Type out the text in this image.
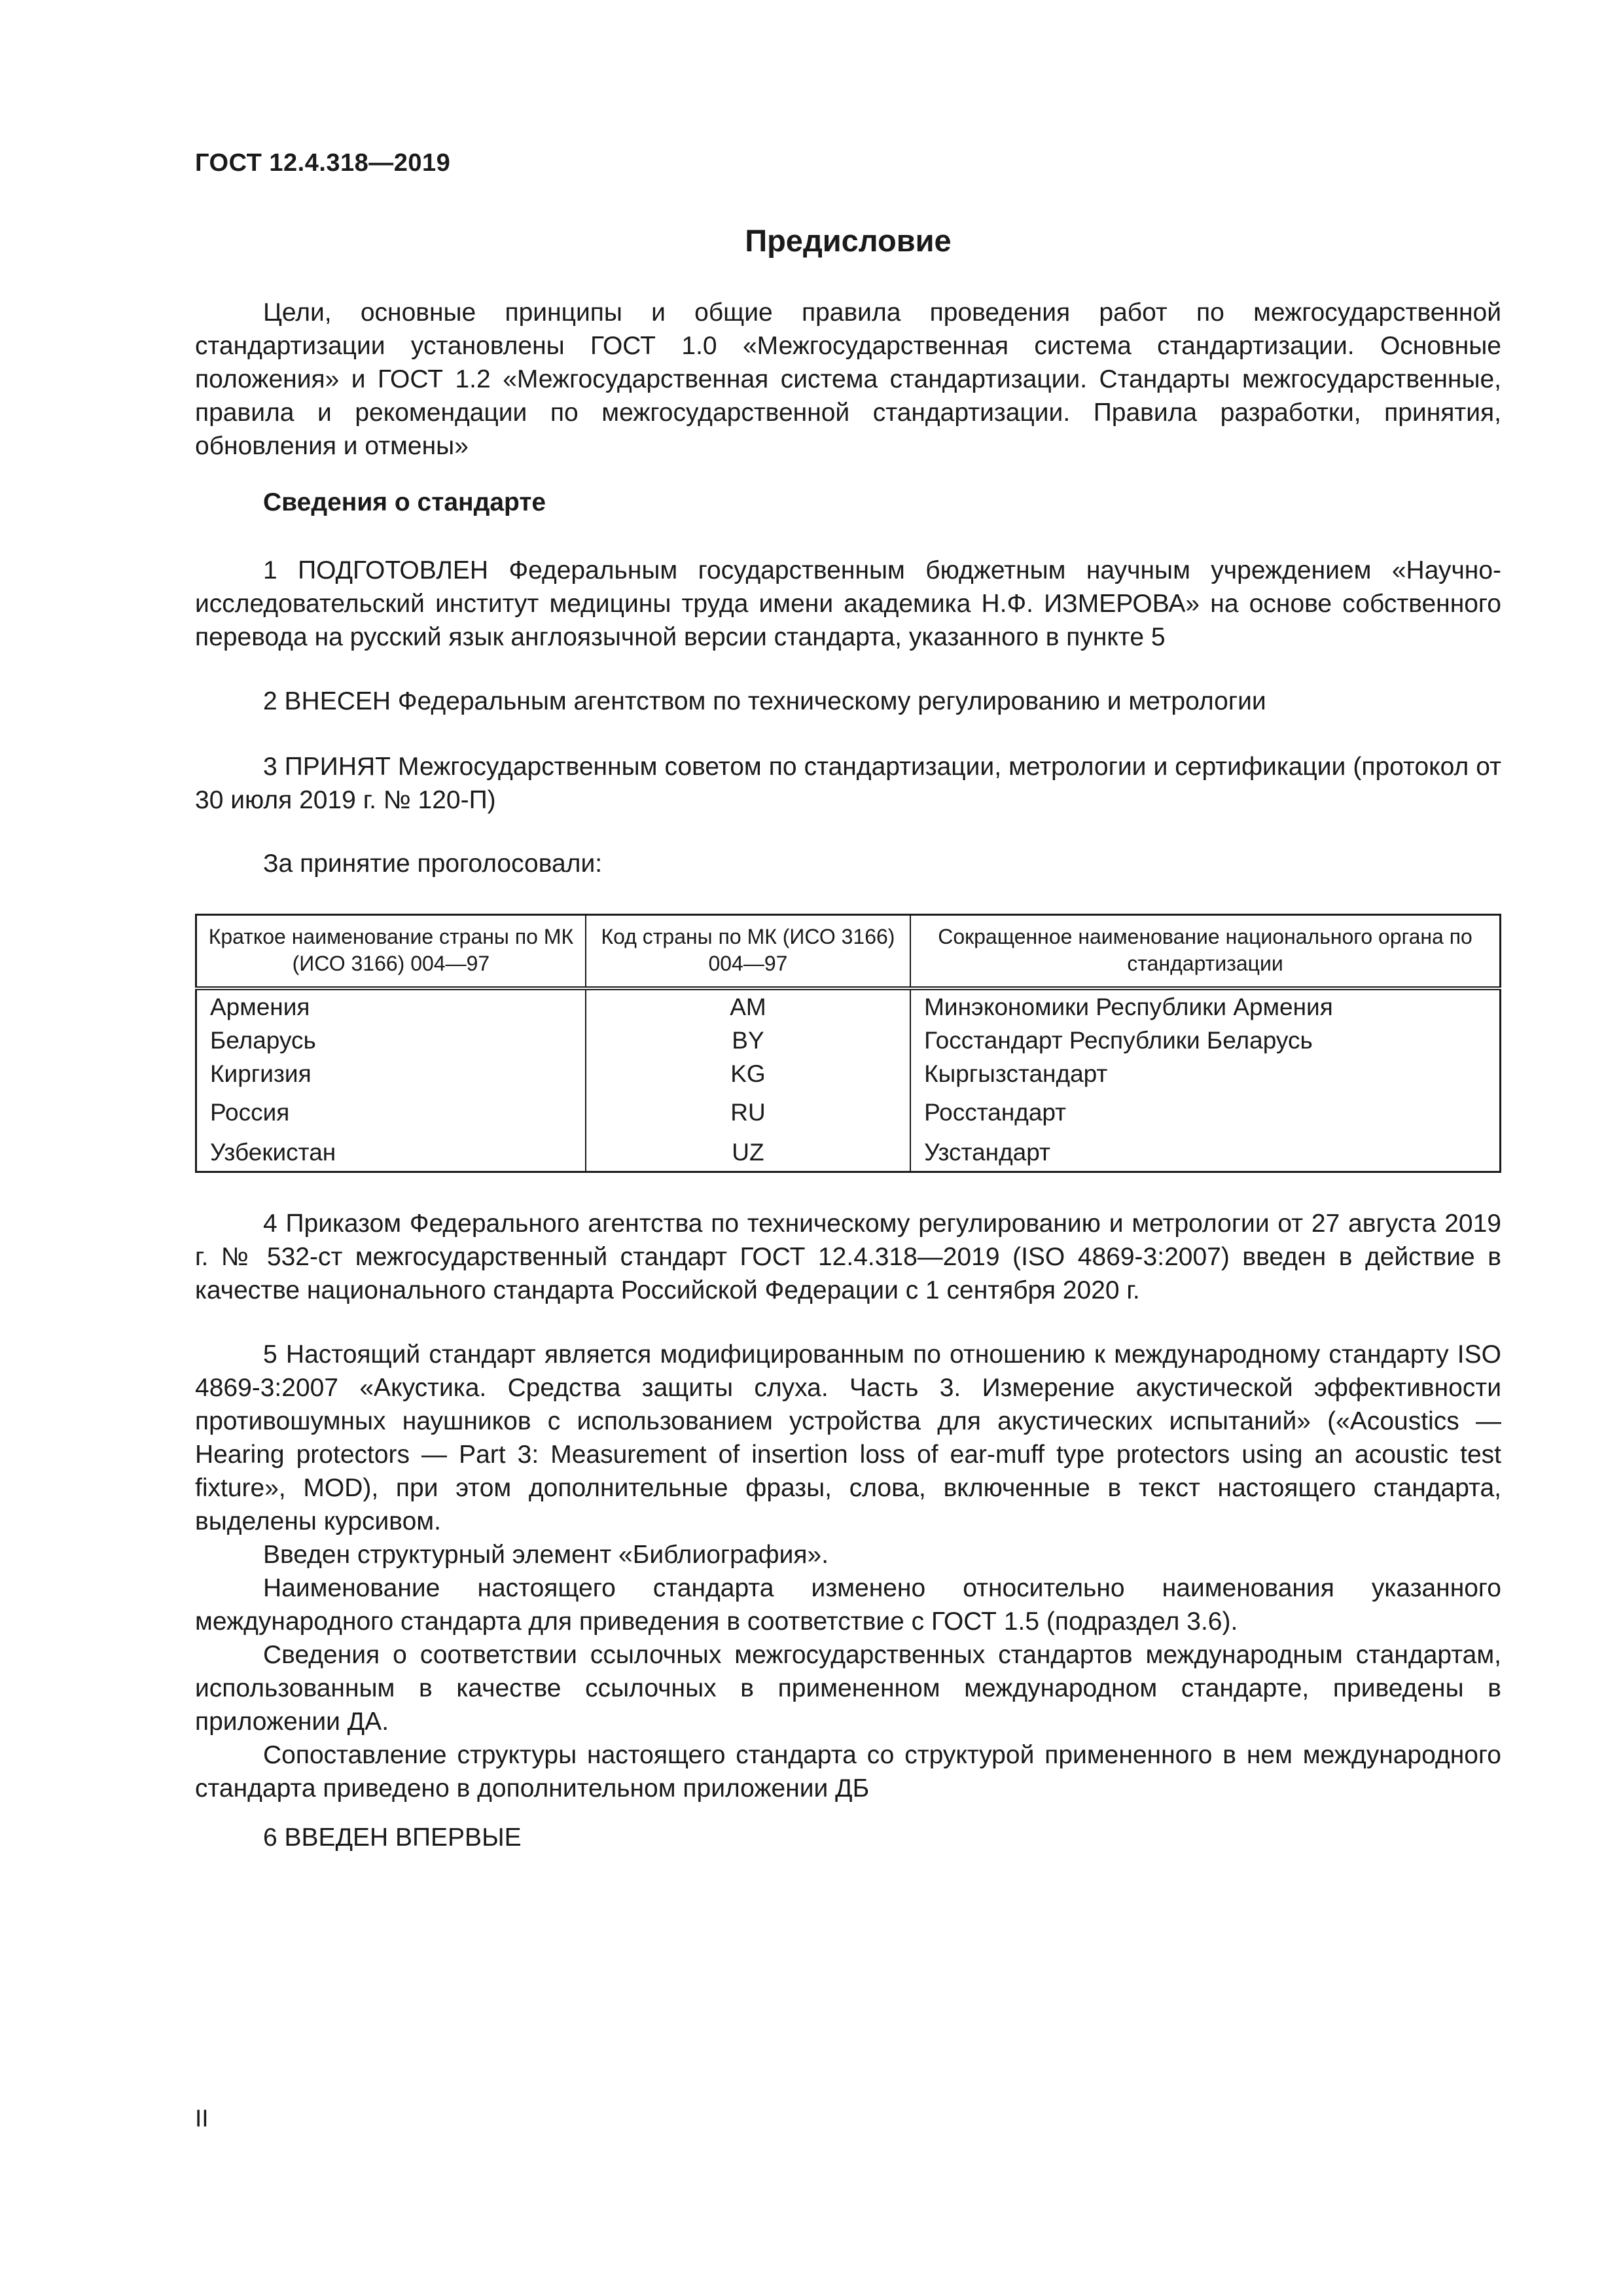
ГОСТ 12.4.318—2019
Предисловие

Цели, основные принципы и общие правила проведения работ по межгосударственной стандартизации установлены ГОСТ 1.0 «Межгосударственная система стандартизации. Основные положения» и ГОСТ 1.2 «Межгосударственная система стандартизации. Стандарты межгосударственные, правила и рекомендации по межгосударственной стандартизации. Правила разработки, принятия, обновления и отмены»

Сведения о стандарте

1 ПОДГОТОВЛЕН Федеральным государственным бюджетным научным учреждением «Научно-исследовательский институт медицины труда имени академика Н.Ф. ИЗМЕРОВА» на основе собственного перевода на русский язык англоязычной версии стандарта, указанного в пункте 5

2 ВНЕСЕН Федеральным агентством по техническому регулированию и метрологии

3 ПРИНЯТ Межгосударственным советом по стандартизации, метрологии и сертификации (протокол от 30 июля 2019 г. № 120-П)

За принятие проголосовали:
Краткое наименование страны по МК (ИСО 3166) 004—97	Код страны по МК (ИСО 3166) 004—97	Сокращенное наименование национального органа по стандартизации
Армения	AM	Минэкономики Республики Армения
Беларусь	BY	Госстандарт Республики Беларусь
Киргизия	KG	Кыргызстандарт
Россия	RU	Росстандарт
Узбекистан	UZ	Узстандарт

4 Приказом Федерального агентства по техническому регулированию и метрологии от 27 августа 2019 г. № 532-ст межгосударственный стандарт ГОСТ 12.4.318—2019 (ISO 4869-3:2007) введен в действие в качестве национального стандарта Российской Федерации с 1 сентября 2020 г.

5 Настоящий стандарт является модифицированным по отношению к международному стандарту ISO 4869-3:2007 «Акустика. Средства защиты слуха. Часть 3. Измерение акустической эффективности противошумных наушников с использованием устройства для акустических испытаний» («Acoustics — Hearing protectors — Part 3: Measurement of insertion loss of ear-muff type protectors using an acoustic test fixture», MOD), при этом дополнительные фразы, слова, включенные в текст настоящего стандарта, выделены курсивом.

Введен структурный элемент «Библиография».

Наименование настоящего стандарта изменено относительно наименования указанного международного стандарта для приведения в соответствие с ГОСТ 1.5 (подраздел 3.6).

Сведения о соответствии ссылочных межгосударственных стандартов международным стандартам, использованным в качестве ссылочных в примененном международном стандарте, приведены в приложении ДА.

Сопоставление структуры настоящего стандарта со структурой примененного в нем международного стандарта приведено в дополнительном приложении ДБ

6 ВВЕДЕН ВПЕРВЫЕ
II
